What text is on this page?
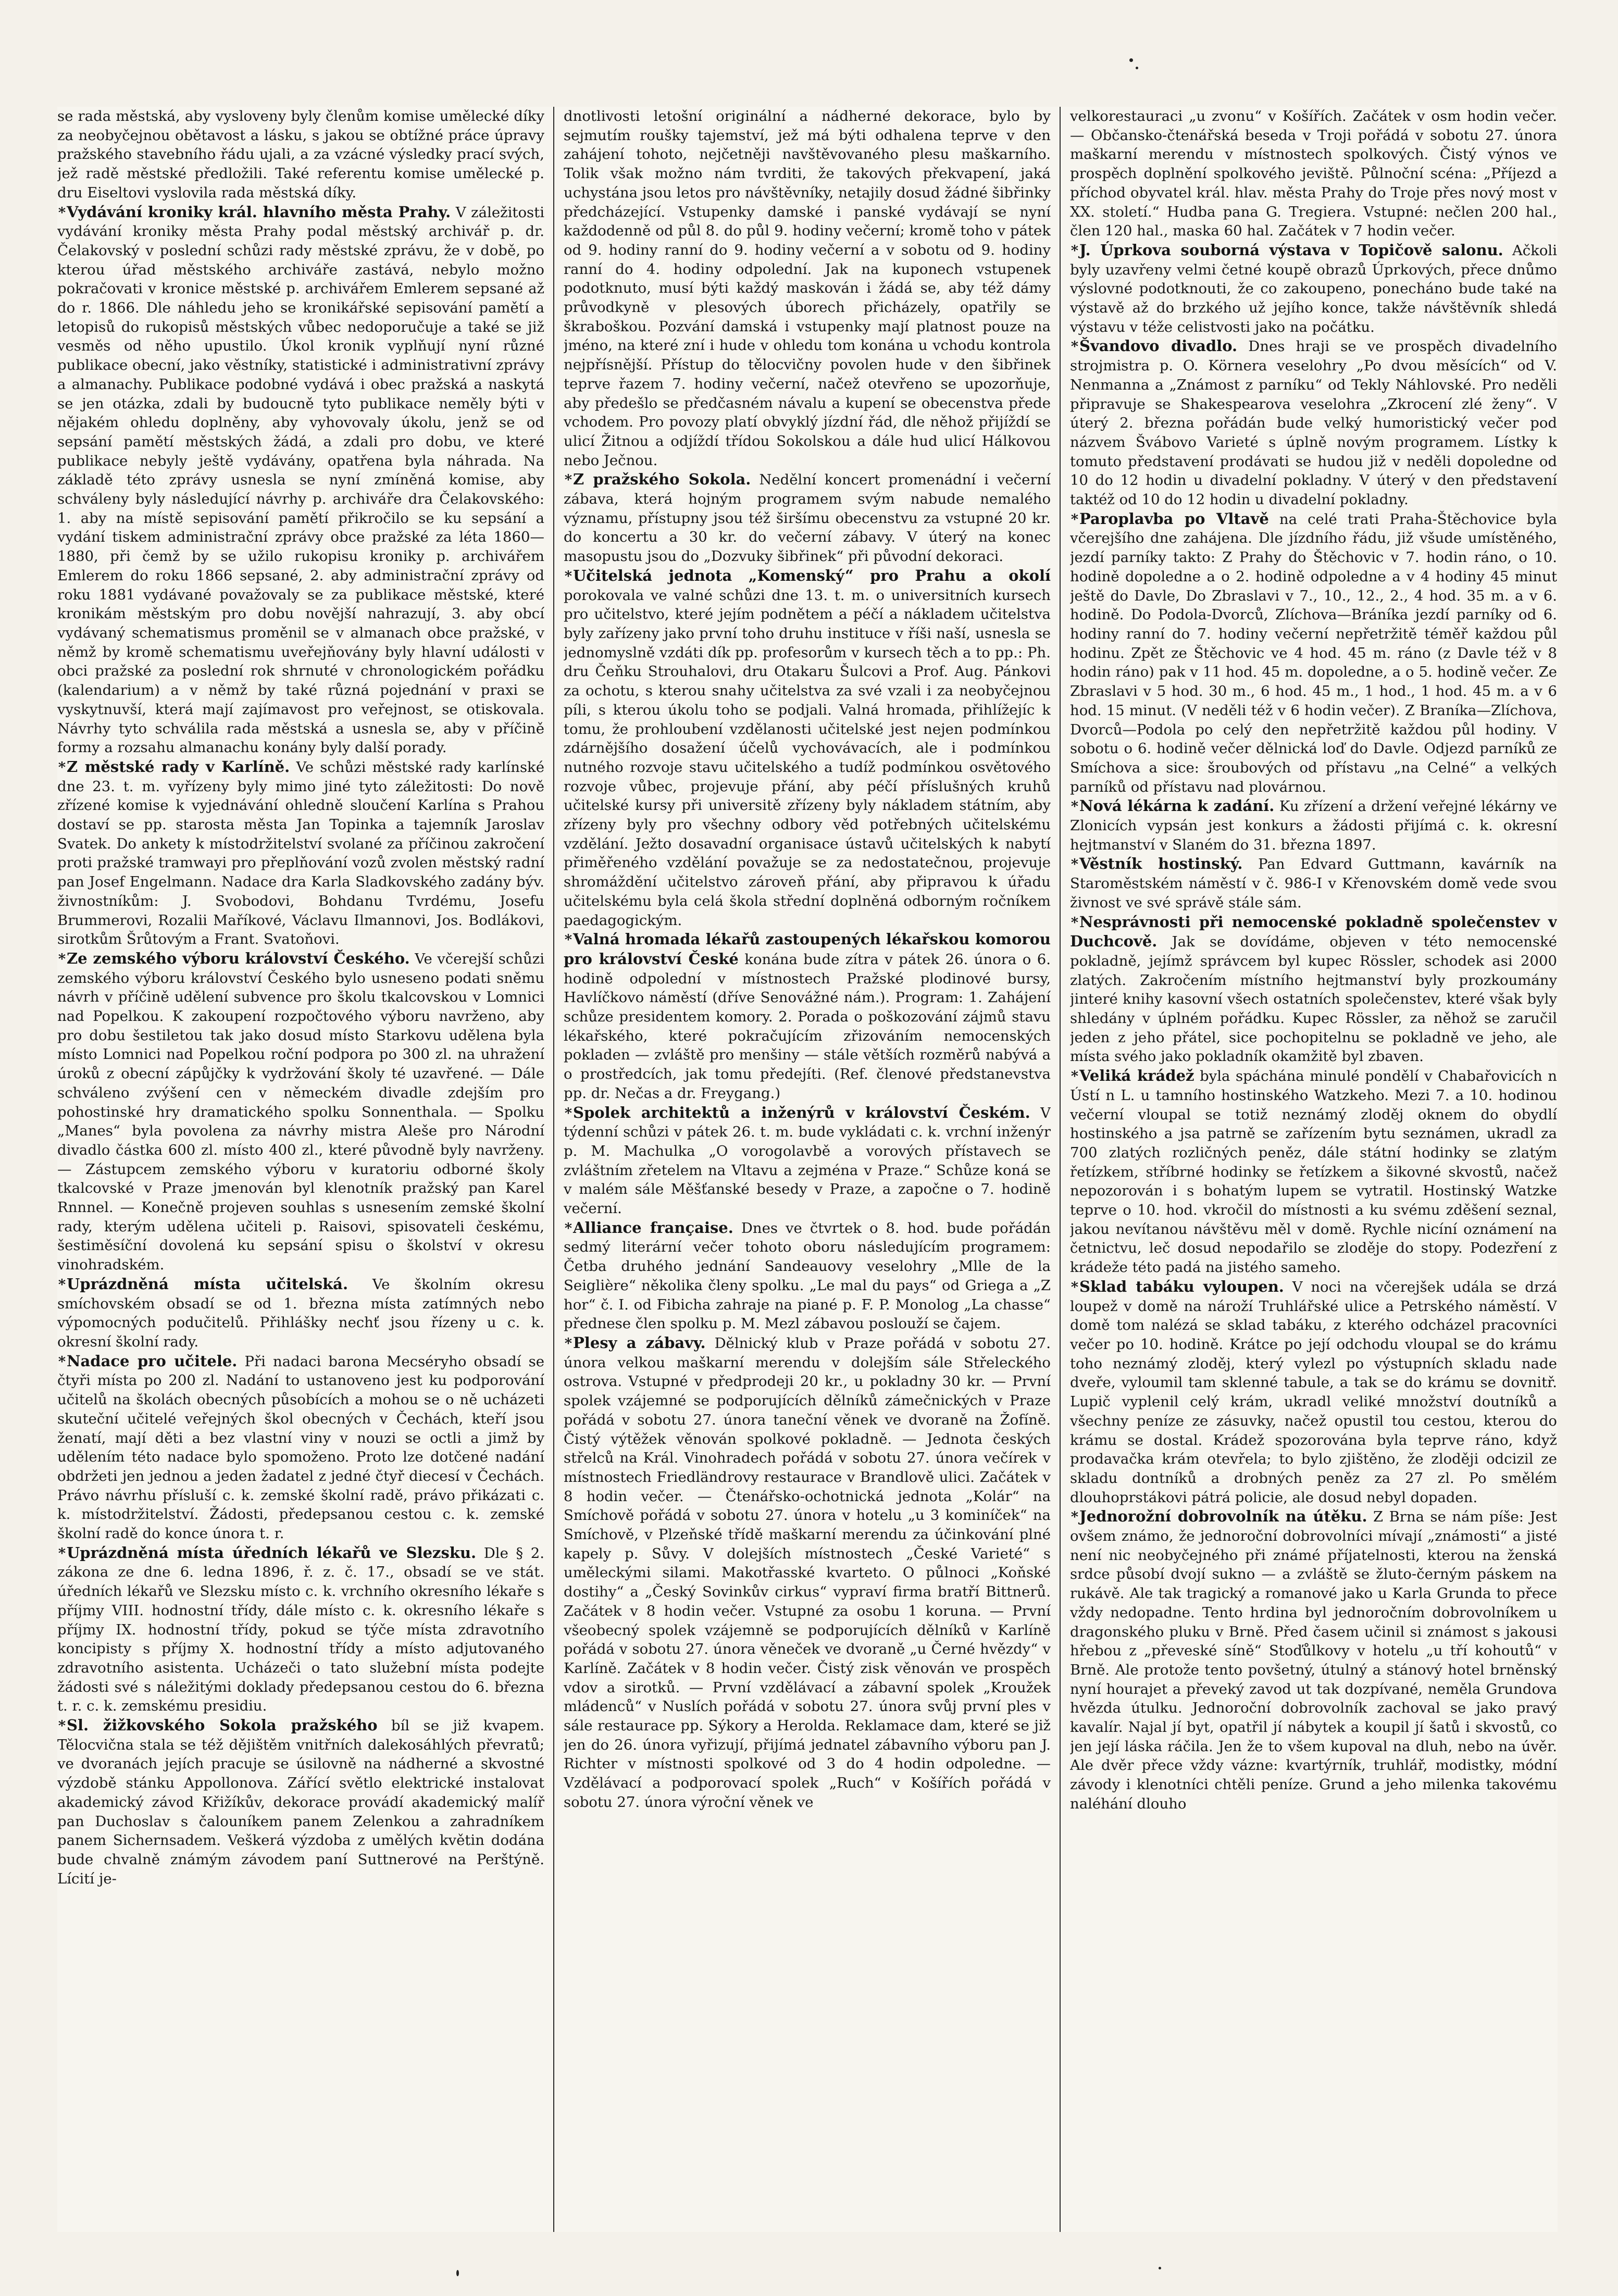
se rada městská, aby vysloveny byly členům komise umělecké díky za neobyčejnou obětavost a lásku, s jakou se obtížné práce úpravy pražského stavebního řádu ujali, a za vzácné výsledky prací svých, jež radě městské předložili. Také referentu komise umělecké p. dru Eiseltovi vyslovila rada městská díky.

*Vydávání kroniky král. hlavního města Prahy. V záležitosti vydávání kroniky města Prahy podal městský archivář p. dr. Čelakovský v poslední schůzi rady městské zprávu, že v době, po kterou úřad městského archiváře zastává, nebylo možno pokračovati v kronice městské p. archivářem Emlerem sepsané až do r. 1866. Dle náhledu jeho se kronikářské sepisování pamětí a letopisů do rukopisů městských vůbec nedoporučuje a také se již vesměs od něho upustilo. Úkol kronik vyplňují nyní různé publikace obecní, jako věstníky, statistické i administrativní zprávy a almanachy. Publikace podobné vydává i obec pražská a naskytá se jen otázka, zdali by budoucně tyto publikace neměly býti v nějakém ohledu doplněny, aby vyhovovaly úkolu, jenž se od sepsání pamětí městských žádá, a zdali pro dobu, ve které publikace nebyly ještě vydávány, opatřena byla náhrada. Na základě této zprávy usnesla se nyní zmíněná komise, aby schváleny byly následující návrhy p. archiváře dra Čelakovského: 1. aby na místě sepisování pamětí přikročilo se ku sepsání a vydání tiskem administrační zprávy obce pražské za léta 1860—1880, při čemž by se užilo rukopisu kroniky p. archivářem Emlerem do roku 1866 sepsané, 2. aby administrační zprávy od roku 1881 vydávané považovaly se za publikace městské, které kronikám městským pro dobu novější nahrazují, 3. aby obcí vydávaný schematismus proměnil se v almanach obce pražské, v němž by kromě schematismu uveřejňovány byly hlavní události v obci pražské za poslední rok shrnuté v chronologickém pořádku (kalendarium) a v němž by také různá pojednání v praxi se vyskytnuvší, která mají zajímavost pro veřejnost, se otiskovala. Návrhy tyto schválila rada městská a usnesla se, aby v příčině formy a rozsahu almanachu konány byly další porady.

*Z městské rady v Karlíně. Ve schůzi městské rady karlínské dne 23. t. m. vyřízeny byly mimo jiné tyto záležitosti: Do nově zřízené komise k vyjednávání ohledně sloučení Karlína s Prahou dostaví se pp. starosta města Jan Topinka a tajemník Jaroslav Svatek. Do ankety k místodržitelství svolané za příčinou zakročení proti pražské tramwayi pro přeplňování vozů zvolen městský radní pan Josef Engelmann. Nadace dra Karla Sladkovského zadány býv. živnostníkům: J. Svobodovi, Bohdanu Tvrdému, Josefu Brummerovi, Rozalii Maříkové, Václavu Ilmannovi, Jos. Bodlákovi, sirotkům Šrůtovým a Frant. Svatoňovi.

*Ze zemského výboru království Českého. Ve včerejší schůzi zemského výboru království Českého bylo usneseno podati sněmu návrh v příčině udělení subvence pro školu tkalcovskou v Lomnici nad Popelkou. K zakoupení rozpočtového výboru navrženo, aby pro dobu šestiletou tak jako dosud místo Starkovu udělena byla místo Lomnici nad Popelkou roční podpora po 300 zl. na uhražení úroků z obecní zápůjčky k vydržování školy té uzavřené. — Dále schváleno zvýšení cen v německém divadle zdejším pro pohostinské hry dramatického spolku Sonnenthala. — Spolku „Manes“ byla povolena za návrhy mistra Aleše pro Národní divadlo částka 600 zl. místo 400 zl., které původně byly navrženy. — Zástupcem zemského výboru v kuratoriu odborné školy tkalcovské v Praze jmenován byl klenotník pražský pan Karel Rnnnel. — Konečně projeven souhlas s usnesením zemské školní rady, kterým udělena učiteli p. Raisovi, spisovateli českému, šestiměsíční dovolená ku sepsání spisu o školství v okresu vinohradském.

*Uprázdněná místa učitelská. Ve školním okresu smíchovském obsadí se od 1. března místa zatímných nebo výpomocných podučitelů. Přihlášky nechť jsou řízeny u c. k. okresní školní rady.

*Nadace pro učitele. Při nadaci barona Mecséryho obsadí se čtyři místa po 200 zl. Nadání to ustanoveno jest ku podporování učitelů na školách obecných působících a mohou se o ně ucházeti skuteční učitelé veřejných škol obecných v Čechách, kteří jsou ženatí, mají děti a bez vlastní viny v nouzi se octli a jimž by udělením této nadace bylo spomoženo. Proto lze dotčené nadání obdržeti jen jednou a jeden žadatel z jedné čtyř diecesí v Čechách. Právo návrhu přísluší c. k. zemské školní radě, právo přikázati c. k. místodržitelství. Žádosti, předepsanou cestou c. k. zemské školní radě do konce února t. r.

*Uprázdněná místa úředních lékařů ve Slezsku. Dle § 2. zákona ze dne 6. ledna 1896, ř. z. č. 17., obsadí se ve stát. úředních lékařů ve Slezsku místo c. k. vrchního okresního lékaře s příjmy VIII. hodnostní třídy, dále místo c. k. okresního lékaře s příjmy IX. hodnostní třídy, pokud se týče místa zdravotního koncipisty s příjmy X. hodnostní třídy a místo adjutovaného zdravotního asistenta. Ucházeči o tato služební místa podejte žádosti své s náležitými doklady předepsanou cestou do 6. března t. r. c. k. zemskému presidiu.

*Sl. žižkovského Sokola pražského bíl se již kvapem. Tělocvična stala se též dějištěm vnitřních dalekosáhlých převratů; ve dvoranách jejích pracuje se úsilovně na nádherné a skvostné výzdobě stánku Appollonova. Zářící světlo elektrické instalovat akademický závod Křižíkův, dekorace provádí akademický malíř pan Duchoslav s čalouníkem panem Zelenkou a zahradníkem panem Sichernsadem. Veškerá výzdoba z umělých květin dodána bude chvalně známým závodem paní Suttnerové na Perštýně. Lícití je-

dnotlivosti letošní originální a nádherné dekorace, bylo by sejmutím roušky tajemství, jež má býti odhalena teprve v den zahájení tohoto, nejčetněji navštěvovaného plesu maškarního. Tolik však možno nám tvrditi, že takových překvapení, jaká uchystána jsou letos pro návštěvníky, netajily dosud žádné šibřinky předcházející. Vstupenky damské i panské vydávají se nyní každodenně od půl 8. do půl 9. hodiny večerní; kromě toho v pátek od 9. hodiny ranní do 9. hodiny večerní a v sobotu od 9. hodiny ranní do 4. hodiny odpolední. Jak na kuponech vstupenek podotknuto, musí býti každý maskován i žádá se, aby též dámy průvodkyně v plesových úborech přicházely, opatřily se škraboškou. Pozvání damská i vstupenky mají platnost pouze na jméno, na které zní i hude v ohledu tom konána u vchodu kontrola nejpřísnější. Přístup do tělocvičny povolen hude v den šibřinek teprve řazem 7. hodiny večerní, načež otevřeno se upozorňuje, aby předešlo se předčasném návalu a kupení se obecenstva přede vchodem. Pro povozy platí obvyklý jízdní řád, dle něhož přijíždí se ulicí Žitnou a odjíždí třídou Sokolskou a dále hud ulicí Hálkovou nebo Ječnou.

*Z pražského Sokola. Nedělní koncert promenádní i večerní zábava, která hojným programem svým nabude nemalého významu, přístupny jsou též širšímu obecenstvu za vstupné 20 kr. do koncertu a 30 kr. do večerní zábavy. V úterý na konec masopustu jsou do „Dozvuky šibřinek“ při původní dekoraci.

*Učitelská jednota „Komenský“ pro Prahu a okolí porokovala ve valné schůzi dne 13. t. m. o universitních kursech pro učitelstvo, které jejím podnětem a péčí a nákladem učitelstva byly zařízeny jako první toho druhu instituce v říši naší, usnesla se jednomyslně vzdáti dík pp. profesorům v kursech těch a to pp.: Ph. dru Čeňku Strouhalovi, dru Otakaru Šulcovi a Prof. Aug. Pánkovi za ochotu, s kterou snahy učitelstva za své vzali i za neobyčejnou píli, s kterou úkolu toho se podjali. Valná hromada, přihlížejíc k tomu, že prohloubení vzdělanosti učitelské jest nejen podmínkou zdárnějšího dosažení účelů vychovávacích, ale i podmínkou nutného rozvoje stavu učitelského a tudíž podmínkou osvětového rozvoje vůbec, projevuje přání, aby péčí příslušných kruhů učitelské kursy při universitě zřízeny byly nákladem státním, aby zřízeny byly pro všechny odbory věd potřebných učitelskému vzdělání. Ježto dosavadní organisace ústavů učitelských k nabytí přiměřeného vzdělání považuje se za nedostatečnou, projevuje shromáždění učitelstvo zároveň přání, aby připravou k úřadu učitelskému byla celá škola střední doplněná odborným ročníkem paedagogickým.

*Valná hromada lékařů zastoupených lékařskou komorou pro království České konána bude zítra v pátek 26. února o 6. hodině odpolední v místnostech Pražské plodinové bursy, Havlíčkovo náměstí (dříve Senovážné nám.). Program: 1. Zahájení schůze presidentem komory. 2. Porada o poškozování zájmů stavu lékařského, které pokračujícím zřizováním nemocenských pokladen — zvláště pro menšiny — stále větších rozměrů nabývá a o prostředcích, jak tomu předejíti. (Ref. členové předstanevstva pp. dr. Nečas a dr. Freygang.)

*Spolek architektů a inženýrů v království Českém. V týdenní schůzi v pátek 26. t. m. bude vykládati c. k. vrchní inženýr p. M. Machulka „O vorogolavbě a vorových přístavech se zvláštním zřetelem na Vltavu a zejména v Praze.“ Schůze koná se v malém sále Měšťanské besedy v Praze, a započne o 7. hodině večerní.

*Alliance française. Dnes ve čtvrtek o 8. hod. bude pořádán sedmý literární večer tohoto oboru následujícím programem: Četba druhého jednání Sandeauovy veselohry „Mlle de la Seiglière“ několika členy spolku. „Le mal du pays“ od Griega a „Z hor“ č. I. od Fibicha zahraje na piané p. F. P. Monolog „La chasse“ přednese člen spolku p. M. Mezl zábavou poslouží se čajem.

*Plesy a zábavy. Dělnický klub v Praze pořádá v sobotu 27. února velkou maškarní merendu v dolejším sále Střeleckého ostrova. Vstupné v předprodeji 20 kr., u pokladny 30 kr. — První spolek vzájemné se podporujících dělníků zámečnických v Praze pořádá v sobotu 27. února taneční věnek ve dvoraně na Žofíně. Čistý výtěžek věnován spolkové pokladně. — Jednota českých střelců na Král. Vinohradech pořádá v sobotu 27. února večírek v místnostech Friedländrovy restaurace v Brandlově ulici. Začátek v 8 hodin večer. — Čtenářsko-ochotnická jednota „Kolár“ na Smíchově pořádá v sobotu 27. února v hotelu „u 3 kominíček“ na Smíchově, v Plzeňské třídě maškarní merendu za účinkování plné kapely p. Sůvy. V dolejších místnostech „České Varieté“ s uměleckými silami. Makotřasské kvarteto. O půlnoci „Koňské dostihy“ a „Český Sovinkův cirkus“ vypraví firma bratří Bittnerů. Začátek v 8 hodin večer. Vstupné za osobu 1 koruna. — První všeobecný spolek vzájemně se podporujících dělníků v Karlíně pořádá v sobotu 27. února věneček ve dvoraně „u Černé hvězdy“ v Karlíně. Začátek v 8 hodin večer. Čistý zisk věnován ve prospěch vdov a sirotků. — První vzdělávací a zábavní spolek „Kroužek mládenců“ v Nuslích pořádá v sobotu 27. února svůj první ples v sále restaurace pp. Sýkory a Herolda. Reklamace dam, které se již jen do 26. února vyřizují, přijímá jednatel zábavního výboru pan J. Richter v místnosti spolkové od 3 do 4 hodin odpoledne. — Vzdělávací a podporovací spolek „Ruch“ v Košířích pořádá v sobotu 27. února výroční věnek ve

velkorestauraci „u zvonu“ v Košířích. Začátek v osm hodin večer. — Občansko-čtenářská beseda v Troji pořádá v sobotu 27. února maškarní merendu v místnostech spolkových. Čistý výnos ve prospěch doplnění spolkového jeviště. Půlnoční scéna: „Příjezd a příchod obyvatel král. hlav. města Prahy do Troje přes nový most v XX. století.“ Hudba pana G. Tregiera. Vstupné: nečlen 200 hal., člen 120 hal., maska 60 hal. Začátek v 7 hodin večer.

*J. Úprkova souborná výstava v Topičově salonu. Ačkoli byly uzavřeny velmi četné koupě obrazů Úprkových, přece dnůmo výslovné podotknouti, že co zakoupeno, ponecháno bude také na výstavě až do brzkého už jejího konce, takže návštěvník shledá výstavu v téže celistvosti jako na počátku.

*Švandovo divadlo. Dnes hraji se ve prospěch divadelního strojmistra p. O. Körnera veselohry „Po dvou měsících“ od V. Nenmanna a „Známost z parníku“ od Tekly Náhlovské. Pro neděli připravuje se Shakespearova veselohra „Zkrocení zlé ženy“. V úterý 2. března pořádán bude velký humoristický večer pod názvem Švábovo Varieté s úplně novým programem. Lístky k tomuto představení prodávati se hudou již v neděli dopoledne od 10 do 12 hodin u divadelní pokladny. V úterý v den představení taktéž od 10 do 12 hodin u divadelní pokladny.

*Paroplavba po Vltavě na celé trati Praha-Štěchovice byla včerejšího dne zahájena. Dle jízdního řádu, již všude umístěného, jezdí parníky takto: Z Prahy do Štěchovic v 7. hodin ráno, o 10. hodině dopoledne a o 2. hodině odpoledne a v 4 hodiny 45 minut ještě do Davle, Do Zbraslavi v 7., 10., 12., 2., 4 hod. 35 m. a v 6. hodině. Do Podola-Dvorců, Zlíchova—Bráníka jezdí parníky od 6. hodiny ranní do 7. hodiny večerní nepřetržitě téměř každou půl hodinu. Zpět ze Štěchovic ve 4 hod. 45 m. ráno (z Davle též v 8 hodin ráno) pak v 11 hod. 45 m. dopoledne, a o 5. hodině večer. Ze Zbraslavi v 5 hod. 30 m., 6 hod. 45 m., 1 hod., 1 hod. 45 m. a v 6 hod. 15 minut. (V neděli též v 6 hodin večer). Z Braníka—Zlíchova, Dvorců—Podola po celý den nepřetržitě každou půl hodiny. V sobotu o 6. hodině večer dělnická loď do Davle. Odjezd parníků ze Smíchova a sice: šroubových od přístavu „na Celné“ a velkých parníků od přístavu nad plovárnou.

*Nová lékárna k zadání. Ku zřízení a držení veřejné lékárny ve Zlonicích vypsán jest konkurs a žádosti přijímá c. k. okresní hejtmanství v Slaném do 31. března 1897.

*Věstník hostinský. Pan Edvard Guttmann, kavárník na Staroměstském náměstí v č. 986-I v Křenovském domě vede svou živnost ve své správě stále sám.

*Nesprávnosti při nemocenské pokladně společenstev v Duchcově. Jak se dovídáme, objeven v této nemocenské pokladně, jejímž správcem byl kupec Rössler, schodek asi 2000 zlatých. Zakročením místního hejtmanství byly prozkoumány jinteré knihy kasovní všech ostatních společenstev, které však byly shledány v úplném pořádku. Kupec Rössler, za něhož se zaručil jeden z jeho přátel, sice pochopitelnu se pokladně ve jeho, ale místa svého jako pokladník okamžitě byl zbaven.

*Veliká krádež byla spáchána minulé pondělí v Chabařovicích n Ústí n L. u tamního hostinského Watzkeho. Mezi 7. a 10. hodinou večerní vloupal se totiž neznámý zloděj oknem do obydlí hostinského a jsa patrně se zařízením bytu seznámen, ukradl za 700 zlatých rozličných peněz, dále státní hodinky se zlatým řetízkem, stříbrné hodinky se řetízkem a šikovné skvostů, načež nepozorován i s bohatým lupem se vytratil. Hostinský Watzke teprve o 10. hod. vkročil do místnosti a ku svému zděšení seznal, jakou nevítanou návštěvu měl v domě. Rychle nicíní oznámení na četnictvu, leč dosud nepodařilo se zloděje do stopy. Podezření z krádeže této padá na jistého sameho.

*Sklad tabáku vyloupen. V noci na včerejšek udála se drzá loupež v domě na nároží Truhlářské ulice a Petrského náměstí. V domě tom nalézá se sklad tabáku, z kterého odcházel pracovníci večer po 10. hodině. Krátce po její odchodu vloupal se do krámu toho neznámý zloděj, který vylezl po výstupních skladu nade dveře, vyloumil tam sklenné tabule, a tak se do krámu se dovnitř. Lupič vyplenil celý krám, ukradl veliké množství doutníků a všechny peníze ze zásuvky, načež opustil tou cestou, kterou do krámu se dostal. Krádež spozorována byla teprve ráno, když prodavačka krám otevřela; to bylo zjištěno, že zloději odcizil ze skladu dontníků a drobných peněz za 27 zl. Po smělém dlouhoprstákovi pátrá policie, ale dosud nebyl dopaden.

*Jednorožní dobrovolník na útěku. Z Brna se nám píše: Jest ovšem známo, že jednoroční dobrovolníci mívají „známosti“ a jisté není nic neobyčejného při známé příjatelnosti, kterou na ženská srdce působí dvojí sukno — a zvláště se žluto-černým páskem na rukávě. Ale tak tragický a romanové jako u Karla Grunda to přece vždy nedopadne. Tento hrdina byl jednoročním dobrovolníkem u dragonského pluku v Brně. Před časem učinil si známost s jakousi hřebou z „převeské síně“ Stoďůlkovy v hotelu „u tří kohoutů“ v Brně. Ale protože tento povšetný, útulný a stánový hotel brněnský nyní hourajet a převeký zavod ut tak dozpívané, neměla Grundova hvězda útulku. Jednoroční dobrovolník zachoval se jako pravý kavalír. Najal jí byt, opatřil jí nábytek a koupil jí šatů i skvostů, co jen její láska ráčila. Jen že to všem kupoval na dluh, nebo na úvěr. Ale dvěr přece vždy vázne: kvartýrník, truhlář, modistky, módní závody i klenotníci chtěli peníze. Grund a jeho milenka takovému naléhání dlouho
